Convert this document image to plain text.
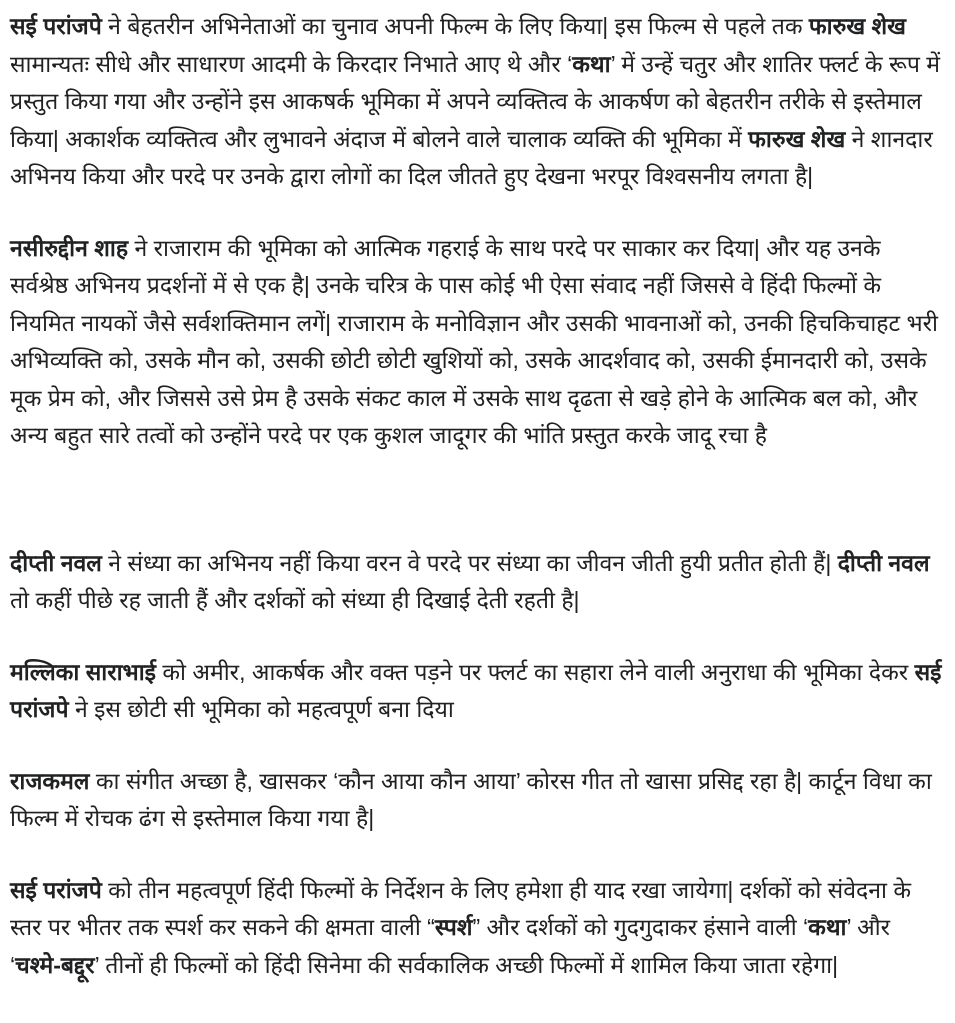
सई परांजपे ने बेहतरीन अभिनेताओं का चुनाव अपनी फिल्म के लिए किया| इस फिल्म से पहले तक फारुख शेख सामान्यतः सीधे और साधारण आदमी के किरदार निभाते आए थे और ‘कथा’ में उन्हें चतुर और शातिर फ्लर्ट के रूप में प्रस्तुत किया गया और उन्होंने इस आकषर्क भूमिका में अपने व्यक्तित्व के आकर्षण को बेहतरीन तरीके से इस्तेमाल किया| अकार्शक व्यक्तित्व और लुभावने अंदाज में बोलने वाले चालाक व्यक्ति की भूमिका में फारुख शेख ने शानदार अभिनय किया और परदे पर उनके द्वारा लोगों का दिल जीतते हुए देखना भरपूर विश्वसनीय लगता है|

नसीरुद्दीन शाह ने राजाराम की भूमिका को आत्मिक गहराई के साथ परदे पर साकार कर दिया| और यह उनके सर्वश्रेष्ठ अभिनय प्रदर्शनों में से एक है| उनके चरित्र के पास कोई भी ऐसा संवाद नहीं जिससे वे हिंदी फिल्मों के नियमित नायकों जैसे सर्वशक्तिमान लगें| राजाराम के मनोविज्ञान और उसकी भावनाओं को, उनकी हिचकिचाहट भरी अभिव्यक्ति को, उसके मौन को, उसकी छोटी छोटी खुशियों को, उसके आदर्शवाद को, उसकी ईमानदारी को, उसके मूक प्रेम को, और जिससे उसे प्रेम है उसके संकट काल में उसके साथ दृढता से खड़े होने के आत्मिक बल को, और अन्य बहुत सारे तत्वों को उन्होंने परदे पर एक कुशल जादूगर की भांति प्रस्तुत करके जादू रचा है

दीप्ती नवल ने संध्या का अभिनय नहीं किया वरन वे परदे पर संध्या का जीवन जीती हुयी प्रतीत होती हैं| दीप्ती नवल तो कहीं पीछे रह जाती हैं और दर्शकों को संध्या ही दिखाई देती रहती है|

मल्लिका साराभाई को अमीर, आकर्षक और वक्त पड़ने पर फ्लर्ट का सहारा लेने वाली अनुराधा की भूमिका देकर सई परांजपे ने इस छोटी सी भूमिका को महत्वपूर्ण बना दिया

राजकमल का संगीत अच्छा है, खासकर ‘कौन आया कौन आया’ कोरस गीत तो खासा प्रसिद्द रहा है| कार्टून विधा का फिल्म में रोचक ढंग से इस्तेमाल किया गया है|

सई परांजपे को तीन महत्वपूर्ण हिंदी फिल्मों के निर्देशन के लिए हमेशा ही याद रखा जायेगा| दर्शकों को संवेदना के स्तर पर भीतर तक स्पर्श कर सकने की क्षमता वाली “स्पर्श” और दर्शकों को गुदगुदाकर हंसाने वाली ‘कथा’ और ‘चश्मे-बद्दूर’ तीनों ही फिल्मों को हिंदी सिनेमा की सर्वकालिक अच्छी फिल्मों में शामिल किया जाता रहेगा|
